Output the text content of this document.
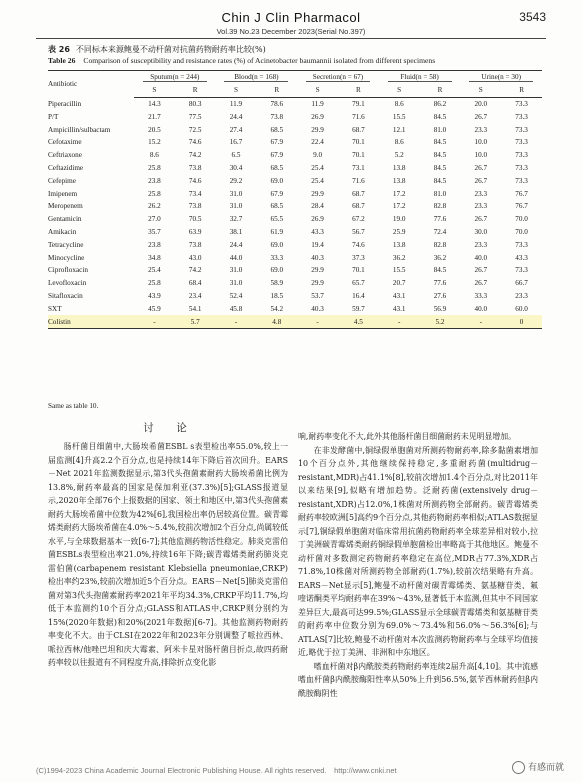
Chin J Clin Pharmacol	3543
Vol.39 No.23 December 2023(Serial No.397)
表 26 不同标本来源鲍曼不动杆菌对抗菌药物耐药率比较(%)
Table 26 Comparison of susceptibility and resistance rates (%) of Acinetobacter baumannii isolated from different specimens
Antibiotic	Sputum(n = 244)		Blood(n = 168)		Secretion(n = 67)		Fluid(n = 58)		Urine(n = 30)	
	S	R	S	R	S	R	S	R	S	R
Piperacillin	14.3	80.3	11.9	78.6	11.9	79.1	8.6	86.2	20.0	73.3
P/T	21.7	77.5	24.4	73.8	26.9	71.6	15.5	84.5	26.7	73.3
Ampicillin/sulbactam	20.5	72.5	27.4	68.5	29.9	68.7	12.1	81.0	23.3	73.3
Cefotaxime	15.2	74.6	16.7	67.9	22.4	70.1	8.6	84.5	10.0	73.3
Ceftriaxone	8.6	74.2	6.5	67.9	9.0	70.1	5.2	84.5	10.0	73.3
Ceftazidime	25.8	73.8	30.4	68.5	25.4	73.1	13.8	84.5	26.7	73.3
Cefepime	23.8	74.6	29.2	69.0	25.4	71.6	13.8	84.5	26.7	73.3
Imipenem	25.8	73.4	31.0	67.9	29.9	68.7	17.2	81.0	23.3	76.7
Meropenem	26.2	73.8	31.0	68.5	28.4	68.7	17.2	82.8	23.3	76.7
Gentamicin	27.0	70.5	32.7	65.5	26.9	67.2	19.0	77.6	26.7	70.0
Amikacin	35.7	63.9	38.1	61.9	43.3	56.7	25.9	72.4	30.0	70.0
Tetracycline	23.8	73.8	24.4	69.0	19.4	74.6	13.8	82.8	23.3	73.3
Minocycline	34.8	43.0	44.0	33.3	40.3	37.3	36.2	36.2	40.0	43.3
Ciprofloxacin	25.4	74.2	31.0	69.0	29.9	70.1	15.5	84.5	26.7	73.3
Levofloxacin	25.8	68.4	31.0	58.9	29.9	65.7	20.7	77.6	26.7	66.7
Sitafloxacin	43.9	23.4	52.4	18.5	53.7	16.4	43.1	27.6	33.3	23.3
SXT	45.9	54.1	45.8	54.2	40.3	59.7	43.1	56.9	40.0	60.0
Colistin	-	5.7	-	4.8	-	4.5	-	5.2	-	0
Same as table 10.
讨　论

肠杆菌目细菌中,大肠埃希菌ESBL s表型检出率55.0%,较上一届监测[4]升高2.2个百分点,也是持续14年下降后首次回升。EARS－Net 2021年监测数据显示,第3代头孢菌素耐药大肠埃希菌比例为13.8%,耐药率最高的国家是保加利亚(37.3%)[5];GLASS报道显示,2020年全部76个上报数据的国家、领土和地区中,第3代头孢菌素耐药大肠埃希菌中位数为42%[6],我国检出率仍居较高位置。碳青霉烯类耐药大肠埃希菌在4.0%～5.4%,较前次增加2个百分点,尚属较低水平,与全球数据基本一致[6-7];其他监测药物活性稳定。肺炎克雷伯菌ESBLs表型检出率21.0%,持续16年下降;碳青霉烯类耐药肺炎克雷伯菌(carbapenem resistant Klebsiella pneumoniae,CRKP)检出率约23%,较前次增加近5个百分点。EARS－Net[5]肺炎克雷伯菌对第3代头孢菌素耐药率2021年平均34.3%,CRKP平均11.7%,均低于本监测约10个百分点;GLASS和ATLAS中,CRKP则分别约为15%(2020年数据)和20%(2021年数据)[6-7]。其他监测药物耐药率变化不大。由于CLSI在2022年和2023年分别调整了哌拉西林、哌拉西林/他唑巴坦和庆大霉素、阿米卡星对肠杆菌目折点,故四药耐药率较以往报道有不同程度升高,排除折点变化影

响,耐药率变化不大,此外其他肠杆菌目细菌耐药未见明显增加。

在非发酵菌中,铜绿假单胞菌对所测药物耐药率,除多黏菌素增加10个百分点外,其他继续保持稳定,多重耐药菌(multidrug－resistant,MDR)占41.1%[8],较前次增加1.4个百分点,对比2011年以来结果[9],似略有增加趋势。泛耐药菌(extensively drug－resistant,XDR)占12.0%,1株菌对所测药物全部耐药。碳青霉烯类耐药率较欧洲[5]高约9个百分点,其他药物耐药率相似;ATLAS数据显示[7],铜绿假单胞菌对临床常用抗菌药物耐药率全球差异相对较小,拉丁美洲碳青霉烯类耐药铜绿假单胞菌检出率略高于其他地区。鲍曼不动杆菌对多数测定药物耐药率稳定在高位,MDR占77.3%,XDR占71.8%,10株菌对所测药物全部耐药(1.7%),较前次结果略有升高。EARS－Net显示[5],鲍曼不动杆菌对碳青霉烯类、氨基糖苷类、氟喹诺酮类平均耐药率在39%～43%,显著低于本监测,但其中不同国家差异巨大,最高可达99.5%;GLASS显示全球碳青霉烯类和氨基糖苷类的耐药率中位数分别为69.0%～73.4%和56.0%～56.3%[6];与ATLAS[7]比较,鲍曼不动杆菌对本次监测药物耐药率与全球平均值接近,略优于拉丁美洲、非洲和中东地区。

嗜血杆菌对β内酰胺类药物耐药率连续2届升高[4,10]。其中流感嗜血杆菌β内酰胺酶阳性率从50%上升到56.5%,氨苄西林耐药但β内酰胺酶阴性

(C)1994-2023 China Academic Journal Electronic Publishing House. All rights reserved.　http://www.cnki.net	有感而就
